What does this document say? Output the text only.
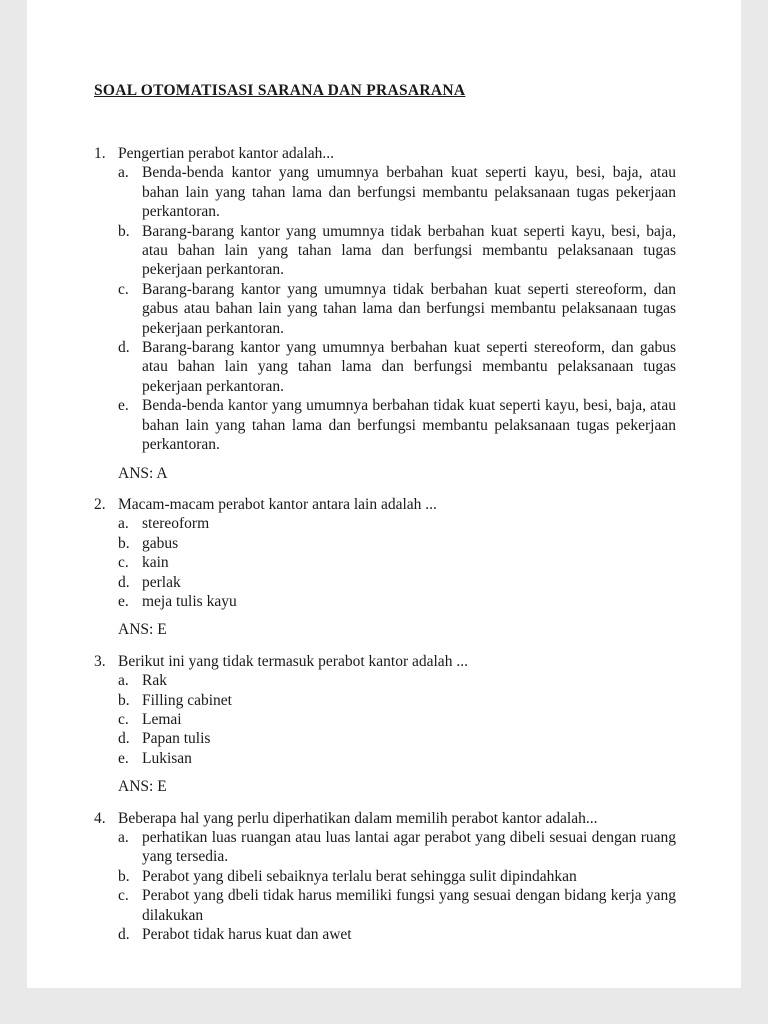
SOAL OTOMATISASI SARANA DAN PRASARANA
1. Pengertian perabot kantor adalah...
a. Benda-benda kantor yang umumnya berbahan kuat seperti kayu, besi, baja, atau bahan lain yang tahan lama dan berfungsi membantu pelaksanaan tugas pekerjaan perkantoran.
b. Barang-barang kantor yang umumnya tidak berbahan kuat seperti kayu, besi, baja, atau bahan lain yang tahan lama dan berfungsi membantu pelaksanaan tugas pekerjaan perkantoran.
c. Barang-barang kantor yang umumnya tidak berbahan kuat seperti stereoform, dan gabus atau bahan lain yang tahan lama dan berfungsi membantu pelaksanaan tugas pekerjaan perkantoran.
d. Barang-barang kantor yang umumnya berbahan kuat seperti stereoform, dan gabus atau bahan lain yang tahan lama dan berfungsi membantu pelaksanaan tugas pekerjaan perkantoran.
e. Benda-benda kantor yang umumnya berbahan tidak kuat seperti kayu, besi, baja, atau bahan lain yang tahan lama dan berfungsi membantu pelaksanaan tugas pekerjaan perkantoran.
ANS: A
2. Macam-macam perabot kantor antara lain adalah ...
a. stereoform
b. gabus
c. kain
d. perlak
e. meja tulis kayu
ANS: E
3. Berikut ini yang tidak termasuk perabot kantor adalah ...
a. Rak
b. Filling cabinet
c. Lemai
d. Papan tulis
e. Lukisan
ANS: E
4. Beberapa hal yang perlu diperhatikan dalam memilih perabot kantor adalah...
a. perhatikan luas ruangan atau luas lantai agar perabot yang dibeli sesuai dengan ruang yang tersedia.
b. Perabot yang dibeli sebaiknya terlalu berat sehingga sulit dipindahkan
c. Perabot yang dbeli tidak harus memiliki fungsi yang sesuai dengan bidang kerja yang dilakukan
d. Perabot tidak harus kuat dan awet
